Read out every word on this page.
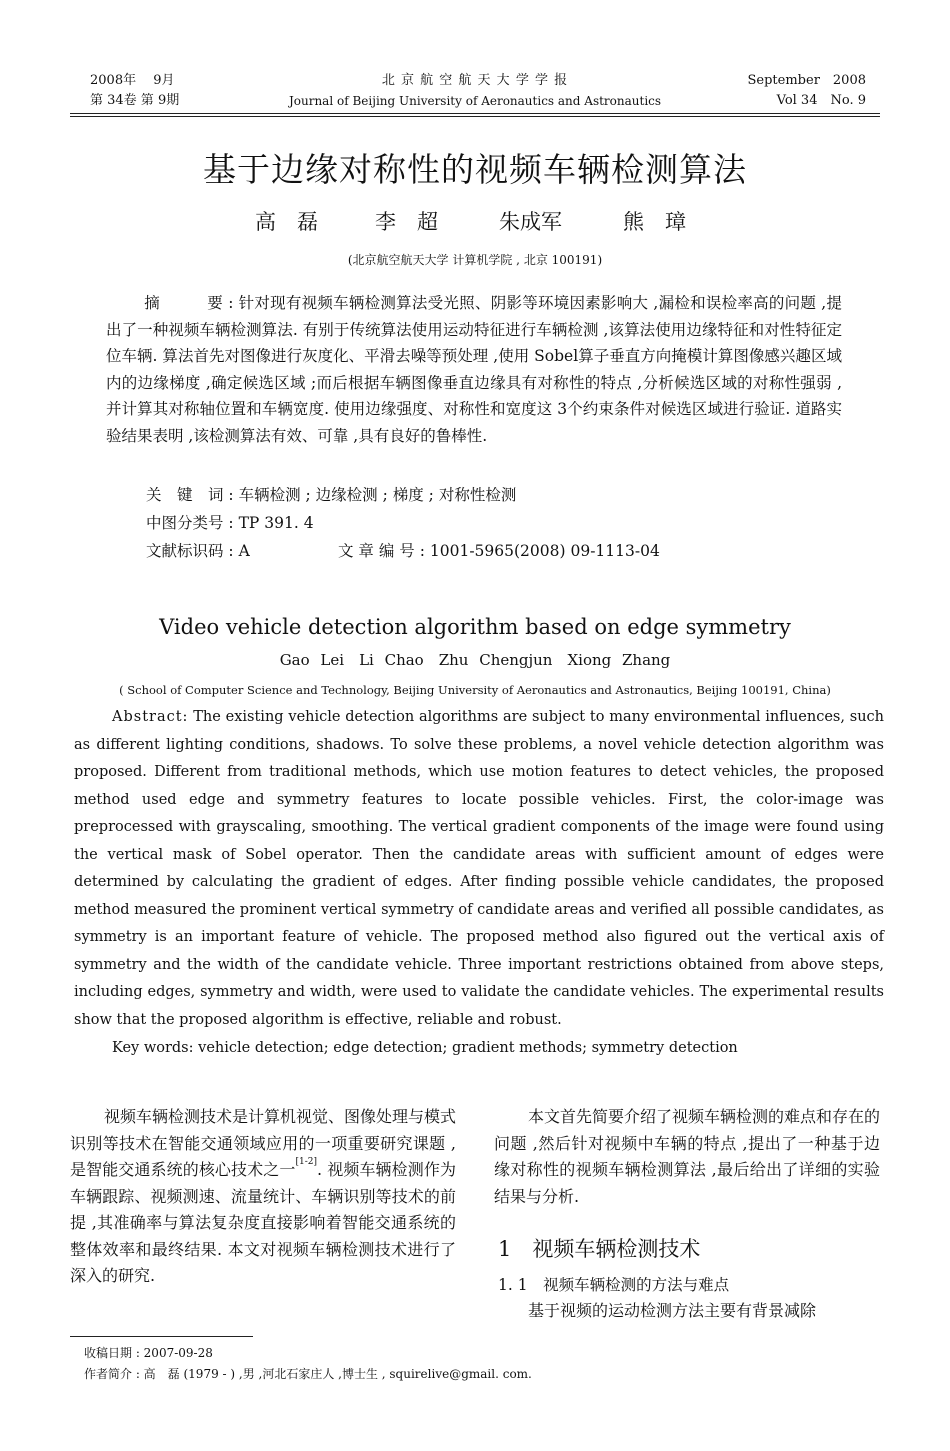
2008年　 9月
第 34卷 第 9期
北 京 航 空 航 天 大 学 学 报
Journal of Beijing University of Aeronautics and Astronautics
September　2008
Vol 34　No. 9
基于边缘对称性的视频车辆检测算法
高　磊	李　超	朱成军	熊　璋
(北京航空航天大学 计算机学院 , 北京 100191)
摘　　　要 : 针对现有视频车辆检测算法受光照、阴影等环境因素影响大 ,漏检和误检率高的问题 ,提出了一种视频车辆检测算法. 有别于传统算法使用运动特征进行车辆检测 ,该算法使用边缘特征和对性特征定位车辆. 算法首先对图像进行灰度化、平滑去噪等预处理 ,使用 Sobel算子垂直方向掩模计算图像感兴趣区域内的边缘梯度 ,确定候选区域 ;而后根据车辆图像垂直边缘具有对称性的特点 ,分析候选区域的对称性强弱 ,并计算其对称轴位置和车辆宽度. 使用边缘强度、对称性和宽度这 3个约束条件对候选区域进行验证. 道路实验结果表明 ,该检测算法有效、可靠 ,具有良好的鲁棒性.
关　键　词 : 车辆检测 ; 边缘检测 ; 梯度 ; 对称性检测
中图分类号 : TP 391. 4
文献标识码 : A	文 章 编 号 : 1001-5965(2008) 09-1113-04
Video vehicle detection algorithm based on edge symmetry
Gao Lei　Li Chao　Zhu Chengjun　Xiong Zhang
( School of Computer Science and Technology, Beijing University of Aeronautics and Astronautics, Beijing 100191, China)
Abstract: The existing vehicle detection algorithms are subject to many environmental influences, such as different lighting conditions, shadows. To solve these problems, a novel vehicle detection algorithm was proposed. Different from traditional methods, which use motion features to detect vehicles, the proposed method used edge and symmetry features to locate possible vehicles. First, the color-image was preprocessed with grayscaling, smoothing. The vertical gradient components of the image were found using the vertical mask of Sobel operator. Then the candidate areas with sufficient amount of edges were determined by calculating the gradient of edges. After finding possible vehicle candidates, the proposed method measured the prominent vertical symmetry of candidate areas and verified all possible candidates, as symmetry is an important feature of vehicle. The proposed method also figured out the vertical axis of symmetry and the width of the candidate vehicle. Three important restrictions obtained from above steps, including edges, symmetry and width, were used to validate the candidate vehicles. The experimental results show that the proposed algorithm is effective, reliable and robust.
Key words: vehicle detection; edge detection; gradient methods; symmetry detection
视频车辆检测技术是计算机视觉、图像处理与模式识别等技术在智能交通领域应用的一项重要研究课题 , 是智能交通系统的核心技术之一[1-2]. 视频车辆检测作为车辆跟踪、视频测速、流量统计、车辆识别等技术的前提 ,其准确率与算法复杂度直接影响着智能交通系统的整体效率和最终结果. 本文对视频车辆检测技术进行了深入的研究.
本文首先简要介绍了视频车辆检测的难点和存在的问题 ,然后针对视频中车辆的特点 ,提出了一种基于边缘对称性的视频车辆检测算法 ,最后给出了详细的实验结果与分析.
1　视频车辆检测技术
1. 1　视频车辆检测的方法与难点
基于视频的运动检测方法主要有背景减除
收稿日期 : 2007-09-28
作者简介 : 高　磊 (1979 - ) ,男 ,河北石家庄人 ,博士生 , squirelive@gmail. com.
